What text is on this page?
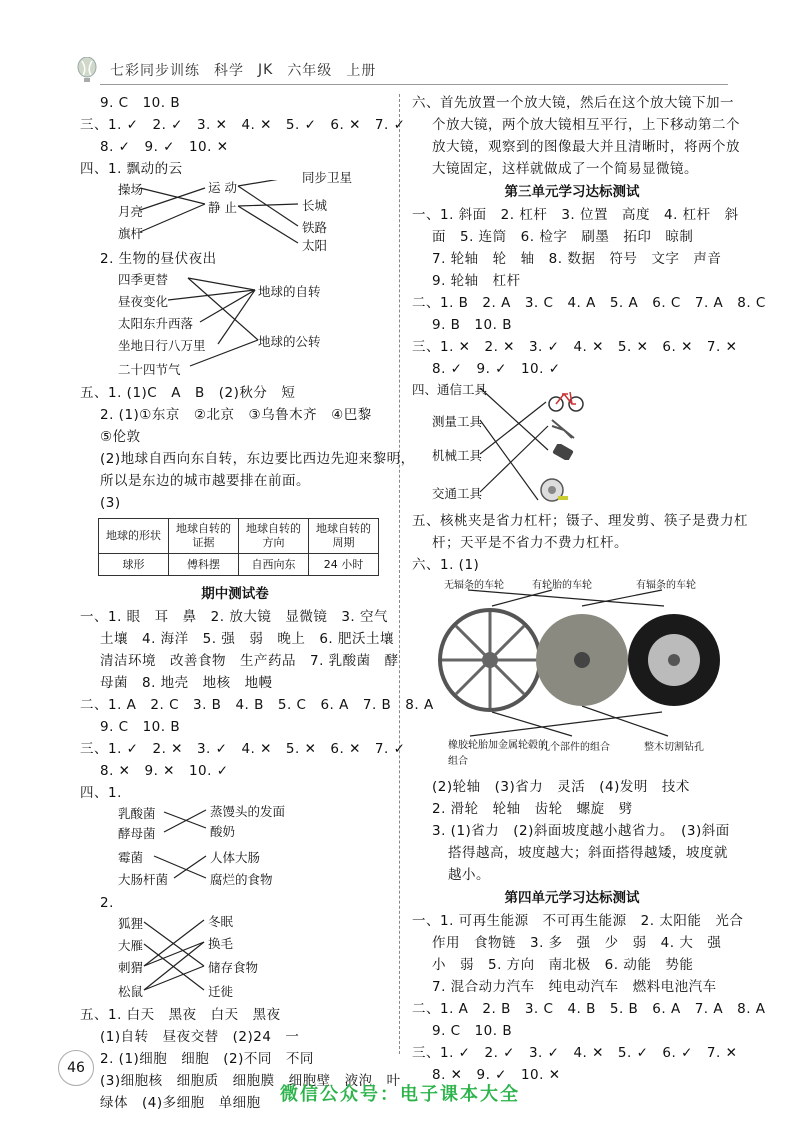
七彩同步训练 科学 JK 六年级 上册
9. C　10. B
三、1. ✓　2. ✓　3. ✕　4. ✕　5. ✓　6. ✕　7. ✓
8. ✓　9. ✓　10. ✕
四、1. 飘动的云
操场
月亮
旗杆
运 动
静 止
同步卫星
长城
铁路
太阳
2. 生物的昼伏夜出
四季更替
昼夜变化
太阳东升西落
坐地日行八万里
二十四节气
地球的自转
地球的公转
五、1. (1)C　A　B　(2)秋分　短
2. (1)①东京　②北京　③乌鲁木齐　④巴黎
⑤伦敦
(2)地球自西向东自转，东边要比西边先迎来黎明，
所以是东边的城市越要排在前面。
(3)
地球的形状	地球自转的证据	地球自转的方向	地球自转的周期
球形	傅科摆	自西向东	24 小时
期中测试卷
一、1. 眼　耳　鼻　2. 放大镜　显微镜　3. 空气
土壤　4. 海洋　5. 强　弱　晚上　6. 肥沃土壤
清洁环境　改善食物　生产药品　7. 乳酸菌　酵
母菌　8. 地壳　地核　地幔
二、1. A　2. C　3. B　4. B　5. C　6. A　7. B　8. A
9. C　10. B
三、1. ✓　2. ✕　3. ✓　4. ✕　5. ✕　6. ✕　7. ✓
8. ✕　9. ✕　10. ✓
四、1.
乳酸菌
酵母菌
霉菌
大肠杆菌
蒸馒头的发面
酸奶
人体大肠
腐烂的食物
2.
狐狸
大雁
刺猬
松鼠
冬眠
换毛
储存食物
迁徙
五、1. 白天　黑夜　白天　黑夜
(1)自转　昼夜交替　(2)24　一
2. (1)细胞　细胞　(2)不同　不同
(3)细胞核　细胞质　细胞膜　细胞壁　液泡　叶
绿体　(4)多细胞　单细胞
六、首先放置一个放大镜，然后在这个放大镜下加一
个放大镜，两个放大镜相互平行，上下移动第二个
放大镜，观察到的图像最大并且清晰时，将两个放
大镜固定，这样就做成了一个简易显微镜。
第三单元学习达标测试
一、1. 斜面　2. 杠杆　3. 位置　高度　4. 杠杆　斜
面　5. 连筒　6. 检字　刷墨　拓印　晾制
7. 轮轴　轮　轴　8. 数据　符号　文字　声音
9. 轮轴　杠杆
二、1. B　2. A　3. C　4. A　5. A　6. C　7. A　8. C
9. B　10. B
三、1. ✕　2. ✕　3. ✓　4. ✕　5. ✕　6. ✕　7. ✕
8. ✓　9. ✓　10. ✓
四、通信工具
测量工具
机械工具
交通工具
五、核桃夹是省力杠杆；镊子、理发剪、筷子是费力杠
杆；天平是不省力不费力杠杆。
六、1. (1)
无辐条的车轮	有轮胎的车轮	有辐条的车轮
橡胶轮胎加金属轮毂的组合
几个部件的组合	整木切割钻孔
(2)轮轴　(3)省力　灵活　(4)发明　技术
2. 滑轮　轮轴　齿轮　螺旋　劈
3. (1)省力　(2)斜面坡度越小越省力。　(3)斜面
搭得越高，坡度越大；斜面搭得越矮，坡度就
越小。
第四单元学习达标测试
一、1. 可再生能源　不可再生能源　2. 太阳能　光合
作用　食物链　3. 多　强　少　弱　4. 大　强
小　弱　5. 方向　南北极　6. 动能　势能
7. 混合动力汽车　纯电动汽车　燃料电池汽车
二、1. A　2. B　3. C　4. B　5. B　6. A　7. A　8. A
9. C　10. B
三、1. ✓　2. ✓　3. ✓　4. ✕　5. ✓　6. ✓　7. ✕
8. ✕　9. ✓　10. ✕
46
微信公众号：电子课本大全
